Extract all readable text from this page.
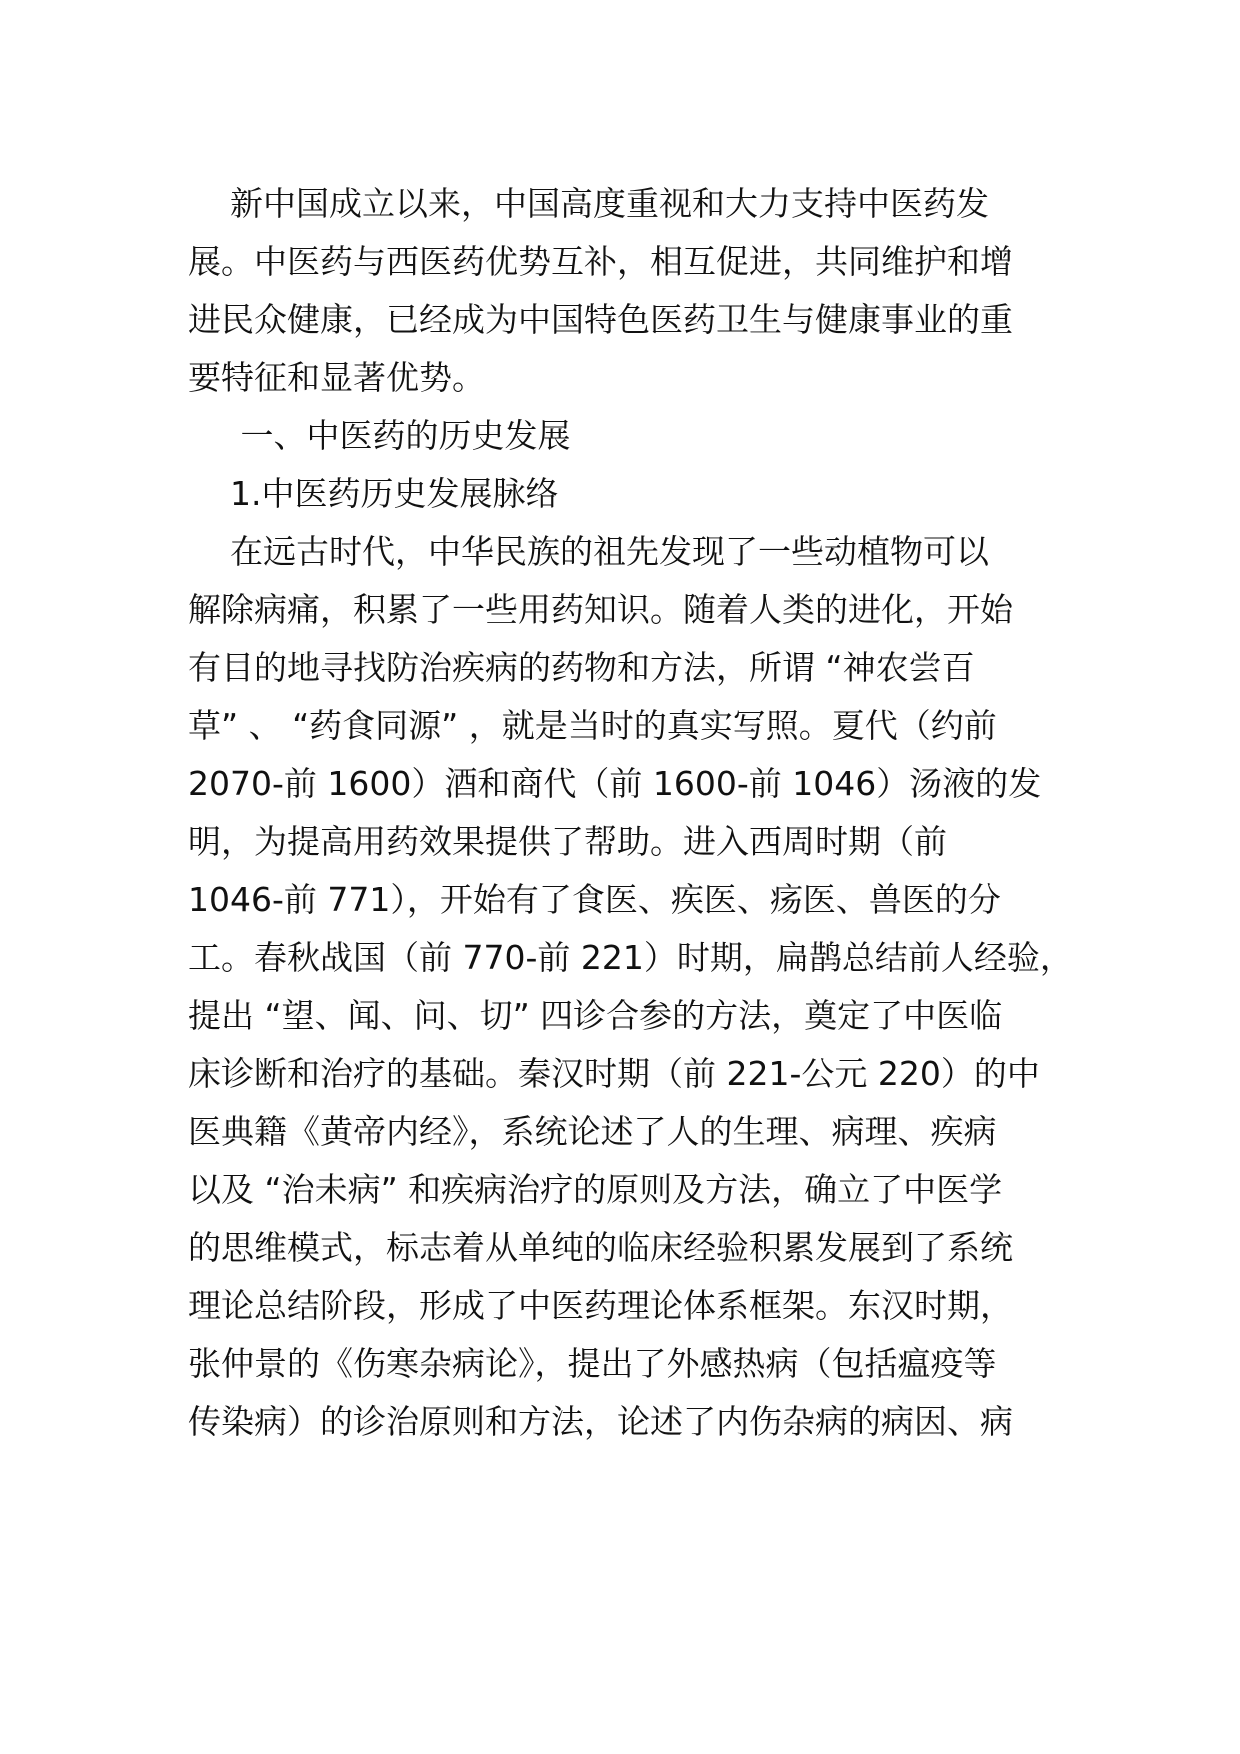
新中国成立以来，中国高度重视和大力支持中医药发

展。中医药与西医药优势互补，相互促进，共同维护和增

进民众健康，已经成为中国特色医药卫生与健康事业的重

要特征和显著优势。

一、中医药的历史发展

1.中医药历史发展脉络

在远古时代，中华民族的祖先发现了一些动植物可以

解除病痛，积累了一些用药知识。随着人类的进化，开始

有目的地寻找防治疾病的药物和方法，所谓 “神农尝百

草” 、 “药食同源” ，就是当时的真实写照。夏代（约前

2070-前 1600）酒和商代（前 1600-前 1046）汤液的发

明，为提高用药效果提供了帮助。进入西周时期（前

1046-前 771），开始有了食医、疾医、疡医、兽医的分

工。春秋战国（前 770-前 221）时期，扁鹊总结前人经验，

提出 “望、闻、问、切” 四诊合参的方法，奠定了中医临

床诊断和治疗的基础。秦汉时期（前 221-公元 220）的中

医典籍《黄帝内经》，系统论述了人的生理、病理、疾病

以及 “治未病” 和疾病治疗的原则及方法，确立了中医学

的思维模式，标志着从单纯的临床经验积累发展到了系统

理论总结阶段，形成了中医药理论体系框架。东汉时期，

张仲景的《伤寒杂病论》，提出了外感热病（包括瘟疫等

传染病）的诊治原则和方法，论述了内伤杂病的病因、病
